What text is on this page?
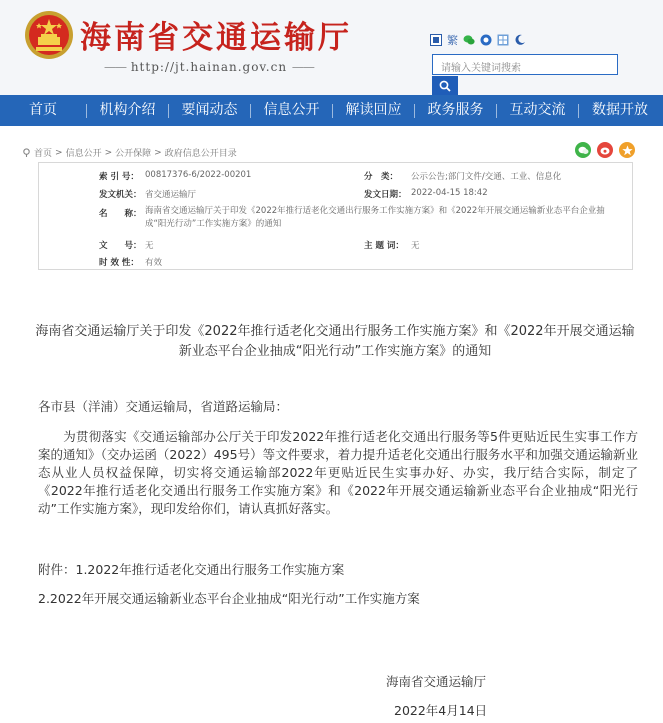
海南省交通运输厅
—— http://jt.hainan.gov.cn ——
繁
请输入关键词搜索
首页	机构介绍	要闻动态	信息公开	解读回应	政务服务	互动交流	数据开放
首页 > 信息公开 > 公开保障 > 政府信息公开目录
索 引 号： 00817376-6/2022-00201	分　类： 公示公告;部门文件/交通、工业、信息化
发文机关： 省交通运输厅	发文日期： 2022-04-15 18:42
名　　称： 海南省交通运输厅关于印发《2022年推行适老化交通出行服务工作实施方案》和《2022年开展交通运输新业态平台企业抽成“阳光行动”工作实施方案》的通知
文　　号： 无	主 题 词： 无
时 效 性： 有效
海南省交通运输厅关于印发《2022年推行适老化交通出行服务工作实施方案》和《2022年开展交通运输新业态平台企业抽成“阳光行动”工作实施方案》的通知
各市县（洋浦）交通运输局，省道路运输局：
为贯彻落实《交通运输部办公厅关于印发2022年推行适老化交通出行服务等5件更贴近民生实事工作方案的通知》（交办运函（2022）495号）等文件要求，着力提升适老化交通出行服务水平和加强交通运输新业态从业人员权益保障，切实将交通运输部2022年更贴近民生实事办好、办实，我厅结合实际，制定了《2022年推行适老化交通出行服务工作实施方案》和《2022年开展交通运输新业态平台企业抽成“阳光行动”工作实施方案》，现印发给你们，请认真抓好落实。
附件：1.2022年推行适老化交通出行服务工作实施方案
2.2022年开展交通运输新业态平台企业抽成“阳光行动”工作实施方案
海南省交通运输厅
2022年4月14日
